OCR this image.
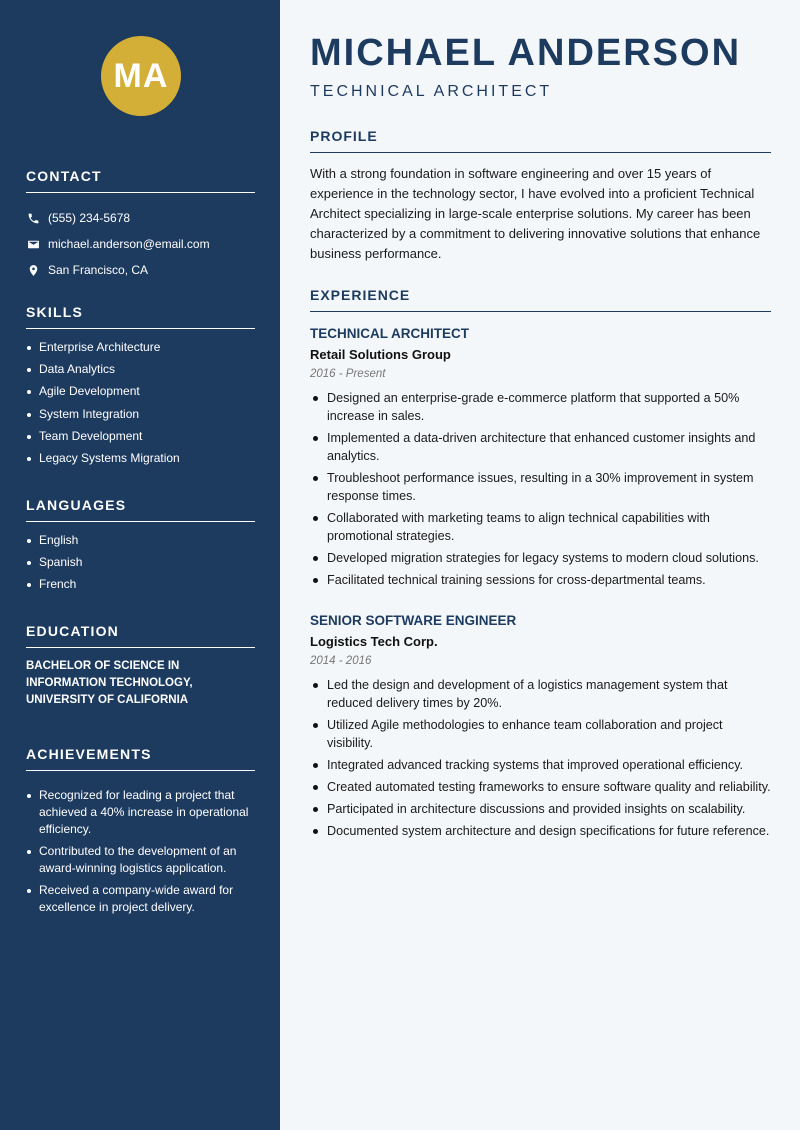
MA
CONTACT
(555) 234-5678
michael.anderson@email.com
San Francisco, CA
SKILLS
Enterprise Architecture
Data Analytics
Agile Development
System Integration
Team Development
Legacy Systems Migration
LANGUAGES
English
Spanish
French
EDUCATION
BACHELOR OF SCIENCE IN
INFORMATION TECHNOLOGY,
UNIVERSITY OF CALIFORNIA
ACHIEVEMENTS
Recognized for leading a project that achieved a 40% increase in operational efficiency.
Contributed to the development of an award-winning logistics application.
Received a company-wide award for excellence in project delivery.
MICHAEL ANDERSON
TECHNICAL ARCHITECT
PROFILE

With a strong foundation in software engineering and over 15 years of experience in the technology sector, I have evolved into a proficient Technical Architect specializing in large-scale enterprise solutions. My career has been characterized by a commitment to delivering innovative solutions that enhance business performance.

EXPERIENCE
TECHNICAL ARCHITECT
Retail Solutions Group
2016 - Present
Designed an enterprise-grade e-commerce platform that supported a 50% increase in sales.
Implemented a data-driven architecture that enhanced customer insights and analytics.
Troubleshoot performance issues, resulting in a 30% improvement in system response times.
Collaborated with marketing teams to align technical capabilities with promotional strategies.
Developed migration strategies for legacy systems to modern cloud solutions.
Facilitated technical training sessions for cross-departmental teams.
SENIOR SOFTWARE ENGINEER
Logistics Tech Corp.
2014 - 2016
Led the design and development of a logistics management system that reduced delivery times by 20%.
Utilized Agile methodologies to enhance team collaboration and project visibility.
Integrated advanced tracking systems that improved operational efficiency.
Created automated testing frameworks to ensure software quality and reliability.
Participated in architecture discussions and provided insights on scalability.
Documented system architecture and design specifications for future reference.
